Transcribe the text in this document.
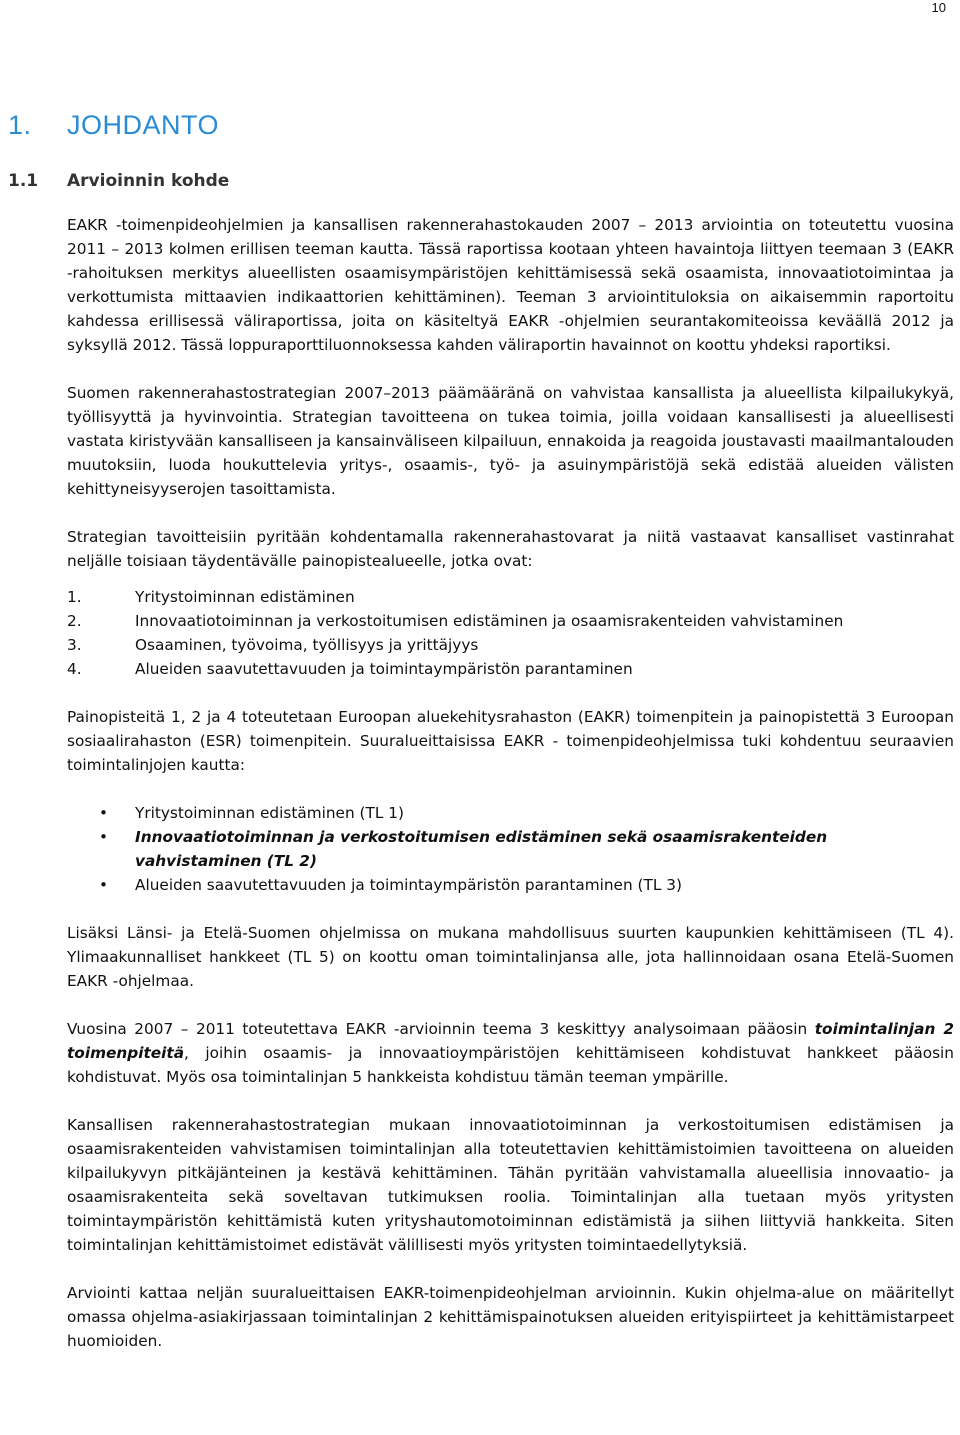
10
1. JOHDANTO
1.1 Arvioinnin kohde

EAKR -toimenpideohjelmien ja kansallisen rakennerahastokauden 2007 – 2013 arviointia on toteutettu vuosina 2011 – 2013 kolmen erillisen teeman kautta. Tässä raportissa kootaan yhteen havaintoja liittyen teemaan 3 (EAKR -rahoituksen merkitys alueellisten osaamisympäristöjen kehittämisessä sekä osaamista, innovaatiotoimintaa ja verkottumista mittaavien indikaattorien kehittäminen). Teeman 3 arviointituloksia on aikaisemmin raportoitu kahdessa erillisessä väliraportissa, joita on käsiteltyä EAKR -ohjelmien seurantakomiteoissa keväällä 2012 ja syksyllä 2012. Tässä loppuraporttiluonnoksessa kahden väliraportin havainnot on koottu yhdeksi raportiksi.

Suomen rakennerahastostrategian 2007–2013 päämääränä on vahvistaa kansallista ja alueellista kilpailukykyä, työllisyyttä ja hyvinvointia. Strategian tavoitteena on tukea toimia, joilla voidaan kansallisesti ja alueellisesti vastata kiristyvään kansalliseen ja kansainväliseen kilpailuun, ennakoida ja reagoida joustavasti maailmantalouden muutoksiin, luoda houkuttelevia yritys-, osaamis-, työ- ja asuinympäristöjä sekä edistää alueiden välisten kehittyneisyyserojen tasoittamista.

Strategian tavoitteisiin pyritään kohdentamalla rakennerahastovarat ja niitä vastaavat kansalliset vastinrahat neljälle toisiaan täydentävälle painopistealueelle, jotka ovat:

1.	Yritystoiminnan edistäminen
2.	Innovaatiotoiminnan ja verkostoitumisen edistäminen ja osaamisrakenteiden vahvistaminen
3.	Osaaminen, työvoima, työllisyys ja yrittäjyys
4.	Alueiden saavutettavuuden ja toimintaympäristön parantaminen

Painopisteitä 1, 2 ja 4 toteutetaan Euroopan aluekehitysrahaston (EAKR) toimenpitein ja painopistettä 3 Euroopan sosiaalirahaston (ESR) toimenpitein. Suuralueittaisissa EAKR - toimenpideohjelmissa tuki kohdentuu seuraavien toimintalinjojen kautta:

• Yritystoiminnan edistäminen (TL 1)
• Innovaatiotoiminnan ja verkostoitumisen edistäminen sekä osaamisrakenteiden vahvistaminen (TL 2)
• Alueiden saavutettavuuden ja toimintaympäristön parantaminen (TL 3)

Lisäksi Länsi- ja Etelä-Suomen ohjelmissa on mukana mahdollisuus suurten kaupunkien kehittämiseen (TL 4). Ylimaakunnalliset hankkeet (TL 5) on koottu oman toimintalinjansa alle, jota hallinnoidaan osana Etelä-Suomen EAKR -ohjelmaa.

Vuosina 2007 – 2011 toteutettava EAKR -arvioinnin teema 3 keskittyy analysoimaan pääosin toimintalinjan 2 toimenpiteitä, joihin osaamis- ja innovaatioympäristöjen kehittämiseen kohdistuvat hankkeet pääosin kohdistuvat. Myös osa toimintalinjan 5 hankkeista kohdistuu tämän teeman ympärille.

Kansallisen rakennerahastostrategian mukaan innovaatiotoiminnan ja verkostoitumisen edistämisen ja osaamisrakenteiden vahvistamisen toimintalinjan alla toteutettavien kehittämistoimien tavoitteena on alueiden kilpailukyvyn pitkäjänteinen ja kestävä kehittäminen. Tähän pyritään vahvistamalla alueellisia innovaatio- ja osaamisrakenteita sekä soveltavan tutkimuksen roolia. Toimintalinjan alla tuetaan myös yritysten toimintaympäristön kehittämistä kuten yrityshautomotoiminnan edistämistä ja siihen liittyviä hankkeita. Siten toimintalinjan kehittämistoimet edistävät välillisesti myös yritysten toimintaedellytyksiä.

Arviointi kattaa neljän suuralueittaisen EAKR-toimenpideohjelman arvioinnin. Kukin ohjelma-alue on määritellyt omassa ohjelma-asiakirjassaan toimintalinjan 2 kehittämispainotuksen alueiden erityispiirteet ja kehittämistarpeet huomioiden.
